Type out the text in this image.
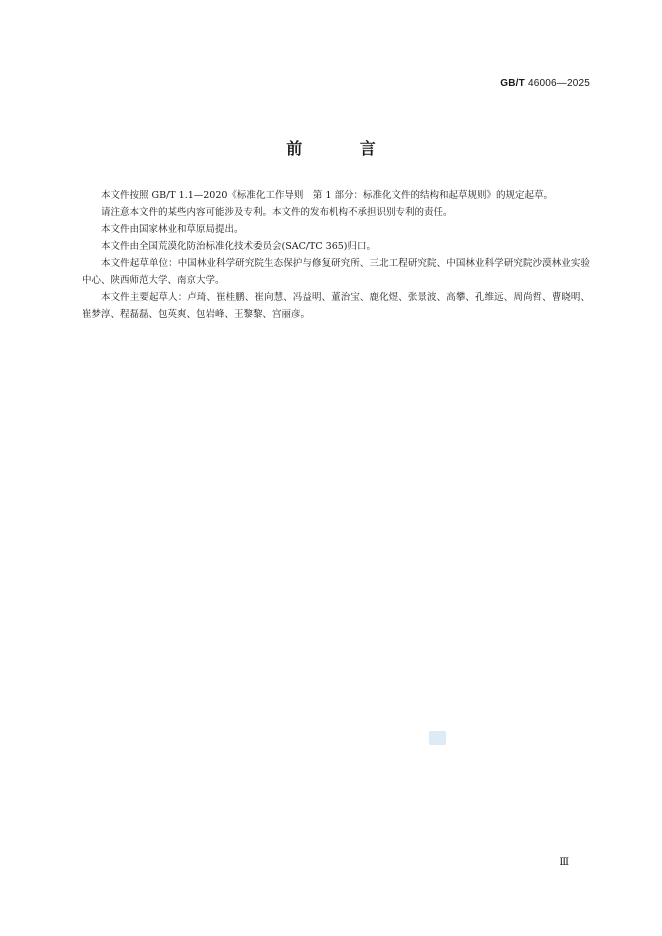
GB/T 46006—2025
前 言

本文件按照 GB/T 1.1—2020《标准化工作导则　第 1 部分：标准化文件的结构和起草规则》的规定起草。

请注意本文件的某些内容可能涉及专利。本文件的发布机构不承担识别专利的责任。

本文件由国家林业和草原局提出。

本文件由全国荒漠化防治标准化技术委员会(SAC/TC 365)归口。

本文件起草单位：中国林业科学研究院生态保护与修复研究所、三北工程研究院、中国林业科学研究院沙漠林业实验中心、陕西师范大学、南京大学。

本文件主要起草人：卢琦、崔桂鹏、崔向慧、冯益明、董治宝、鹿化煜、张景波、高攀、孔维远、周尚哲、曹晓明、崔梦淳、程磊磊、包英爽、包岩峰、王黎黎、宫丽彦。

Ⅲ
